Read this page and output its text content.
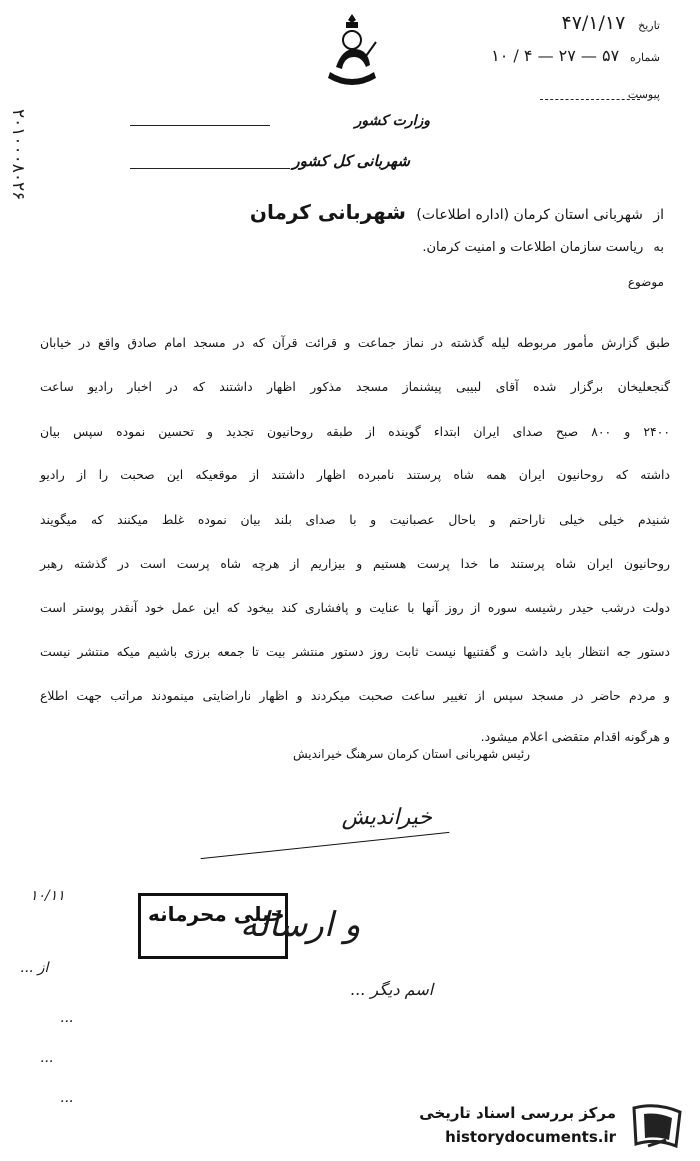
۲۰۱۰۰۰۸۰۲۶
تاریخ ۴۷/۱/۱۷
شماره ۵۷ — ۲۷ — ۴ / ۱۰
پیوست
وزارت کشور
شهربانی کل کشور
از شهربانی استان کرمان (اداره اطلاعات) شهربانی کرمان
به ریاست سازمان اطلاعات و امنیت کرمان.
موضوع
طبق گزارش مأمور مربوطه لیله گذشته در نماز جماعت و قرائت قرآن که در مسجد امام صادق واقع در خیابان
گنجعلیخان برگزار شده آقای لبیبی پیشنماز مسجد مذکور اظهار داشتند که در اخبار رادیو ساعت
۲۴۰۰ و ۸۰۰ صبح صدای ایران ابتداء گوینده از طبقه روحانیون تجدید و تحسین نموده سپس بیان
داشته که روحانیون ایران همه شاه پرستند نامبرده اظهار داشتند از موقعیکه این صحبت را از رادیو
شنیدم خیلی خیلی ناراحتم و باحال عصبانیت و با صدای بلند بیان نموده غلط میکنند که میگویند
روحانیون ایران شاه پرستند ما خدا پرست هستیم و بیزاریم از هرچه شاه پرست است در گذشته رهبر
دولت درشب حیدر رشیسه سوره از روز آنها با عنایت و پافشاری کند بیخود که این عمل خود آنقدر پوستر است
دستور جه انتظار باید داشت و گفتنیها نیست ثابت روز دستور منتشر بیت تا جمعه برزی باشیم میکه منتشر نیست
و مردم حاضر در مسجد سپس از تغییر ساعت صحبت میکردند و اظهار ناراضایتی مینمودند مراتب جهت اطلاع
و هرگونه اقدام متقضی اعلام میشود.
رئیس شهربانی استان کرمان سرهنگ خیراندیش
خیراندیش
خیلی محرمانه
و ارساله
اسم دیگر ...
۱۰/۱۱
از ...
...
...
...
مرکز بررسی اسناد تاریخی
historydocuments.ir
